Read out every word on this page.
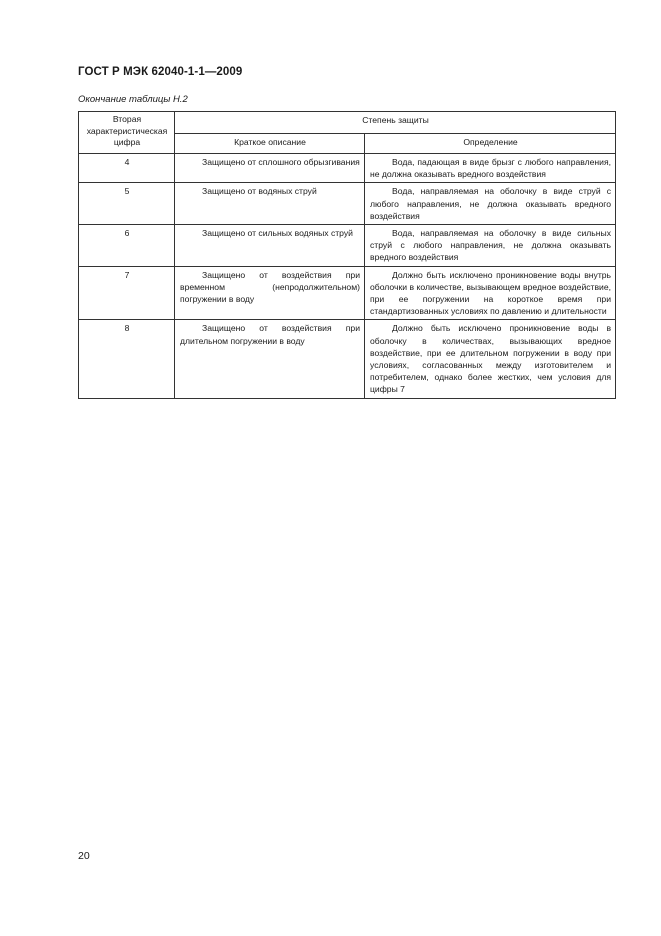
ГОСТ Р МЭК 62040-1-1—2009
Окончание таблицы Н.2
Вторая характеристическая цифра	Степень защиты	
	Краткое описание	Определение
4	Защищено от сплошного обрызгивания	Вода, падающая в виде брызг с любого направления, не должна оказывать вредного воздействия
5	Защищено от водяных струй	Вода, направляемая на оболочку в виде струй с любого направления, не должна оказывать вредного воздействия
6	Защищено от сильных водяных струй	Вода, направляемая на оболочку в виде сильных струй с любого направления, не должна оказывать вредного воздействия
7	Защищено от воздействия при временном (непродолжительном) погружении в воду	Должно быть исключено проникновение воды внутрь оболочки в количестве, вызывающем вредное воздействие, при ее погружении на короткое время при стандартизованных условиях по давлению и длительности
8	Защищено от воздействия при длительном погружении в воду	Должно быть исключено проникновение воды в оболочку в количествах, вызывающих вредное воздействие, при ее длительном погружении в воду при условиях, согласованных между изготовителем и потребителем, однако более жестких, чем условия для цифры 7
20
